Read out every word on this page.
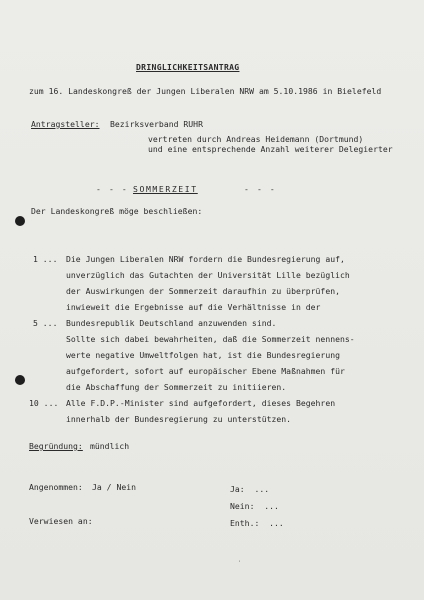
DRINGLICHKEITSANTRAG
zum 16. Landeskongreß der Jungen Liberalen NRW am 5.10.1986 in Bielefeld
Antragsteller: Bezirksverband RUHR
vertreten durch Andreas Heidemann (Dortmund)
und eine entsprechende Anzahl weiterer Delegierter
- - - SOMMERZEIT	- - -
Der Landeskongreß möge beschließen:
1 ... Die Jungen Liberalen NRW fordern die Bundesregierung auf,
unverzüglich das Gutachten der Universität Lille bezüglich
der Auswirkungen der Sommerzeit daraufhin zu überprüfen,
inwieweit die Ergebnisse auf die Verhältnisse in der
5 ... Bundesrepublik Deutschland anzuwenden sind.
Sollte sich dabei bewahrheiten, daß die Sommerzeit nennens-
werte negative Umweltfolgen hat, ist die Bundesregierung
aufgefordert, sofort auf europäischer Ebene Maßnahmen für
die Abschaffung der Sommerzeit zu initiieren.
10 ... Alle F.D.P.-Minister sind aufgefordert, dieses Begehren
innerhalb der Bundesregierung zu unterstützen.
Begründung: mündlich
Angenommen: Ja / Nein	Ja:  ...
Nein:  ...
Verwiesen an:	Enth.:  ...
ˌ
